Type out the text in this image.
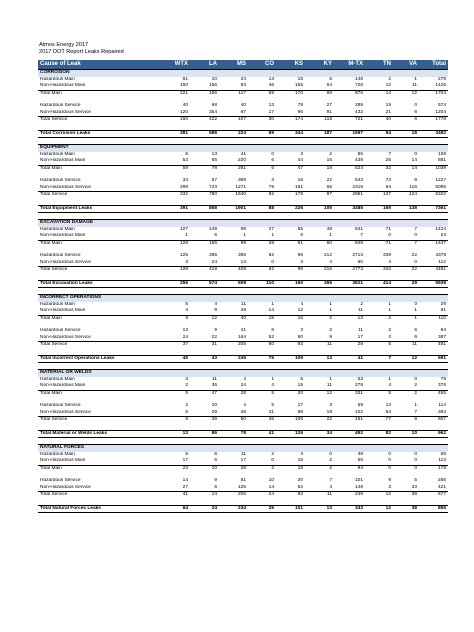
Atmos Energy 2017
2017 DOT Report Leaks Repaired
Cause of Leak	WTX	LA	MS	CO	KS	KY	M-TX	TN	VA	Total
CORROSION										
Hazardous Main	61	10	24	13	15	5	148	2	1	279
Non-Hazardous Main	160	156	93	46	155	64	728	12	11	1425
Total Main	221	166	117	59	170	69	876	14	12	1704

Hazardous Service	40	68	40	13	78	27	289	19	0	574
Non-Hazardous Service	120	354	67	17	96	91	432	21	6	1204
Total Service	160	422	107	30	174	118	721	40	6	1778

Total Corrosion Leaks	381	588	224	89	344	187	1597	54	18	3482

EQUIPMENT										
Hazardous Main	6	13	41	0	3	2	86	7	0	158
Non-Hazardous Main	53	65	220	6	44	16	438	25	14	881
Total Main	59	78	261	6	47	18	524	32	14	1039

Hazardous Service	34	57	369	3	18	22	643	73	8	1227
Non-Hazardous Service	298	723	1271	79	161	65	2318	64	116	5095
Total Service	332	780	1640	82	179	87	2961	137	124	6322

Total Equipment Leaks	391	858	1901	88	226	105	3485	169	138	7361

EXCAVATION DAMAGE										
Hazardous Main	127	149	98	27	55	49	841	71	7	1424
Non-Hazardous Main	1	6	1	1	6	1	7	0	0	23
Total Main	128	155	99	28	61	50	848	71	7	1447

Hazardous Service	125	395	395	82	96	212	2713	339	22	4379
Non-Hazardous Service	3	24	14	0	3	4	60	4	0	112
Total Service	128	419	409	82	99	216	2773	343	22	4491

Total Excavation Leaks	256	574	508	110	160	266	3621	414	29	5938

INCORRECT OPERATIONS										
Hazardous Main	5	4	11	1	4	1	2	1	0	29
Non-Hazardous Main	4	8	29	14	12	1	11	1	1	81
Total Main	9	12	40	15	16	2	13	2	1	110

Hazardous Service	13	9	41	8	3	2	11	2	5	94
Non-Hazardous Service	24	22	164	52	90	9	17	3	6	387
Total Service	37	31	205	60	93	11	28	5	11	481

Total Incorrect Operations Leaks	46	43	245	75	109	13	41	7	12	591

MATERIAL OR WELDS										
Hazardous Main	3	11	4	1	5	1	53	1	0	79
Non-Hazardous Main	2	36	24	4	15	11	278	4	2	376
Total Main	5	47	28	5	20	12	331	5	2	455

Hazardous Service	2	10	4	5	17	3	59	13	1	114
Non-Hazardous Service	6	29	46	31	89	19	102	64	7	393
Total Service	8	39	50	36	106	22	161	77	8	507

Total Material or Welds Leaks	13	86	78	41	126	34	492	82	10	962

NATURAL FORCES										
Hazardous Main	6	6	11	2	4	0	38	0	0	65
Non-Hazardous Main	17	6	17	0	15	2	56	0	0	113
Total Main	23	10	28	2	19	2	94	0	0	178

Hazardous Service	14	9	81	10	20	7	101	9	5	256
Non-Hazardous Service	27	5	125	14	62	4	148	3	33	421
Total Service	41	14	206	24	82	11	249	12	38	677

Total Natural Forces Leaks	64	24	234	26	101	13	343	12	38	855
